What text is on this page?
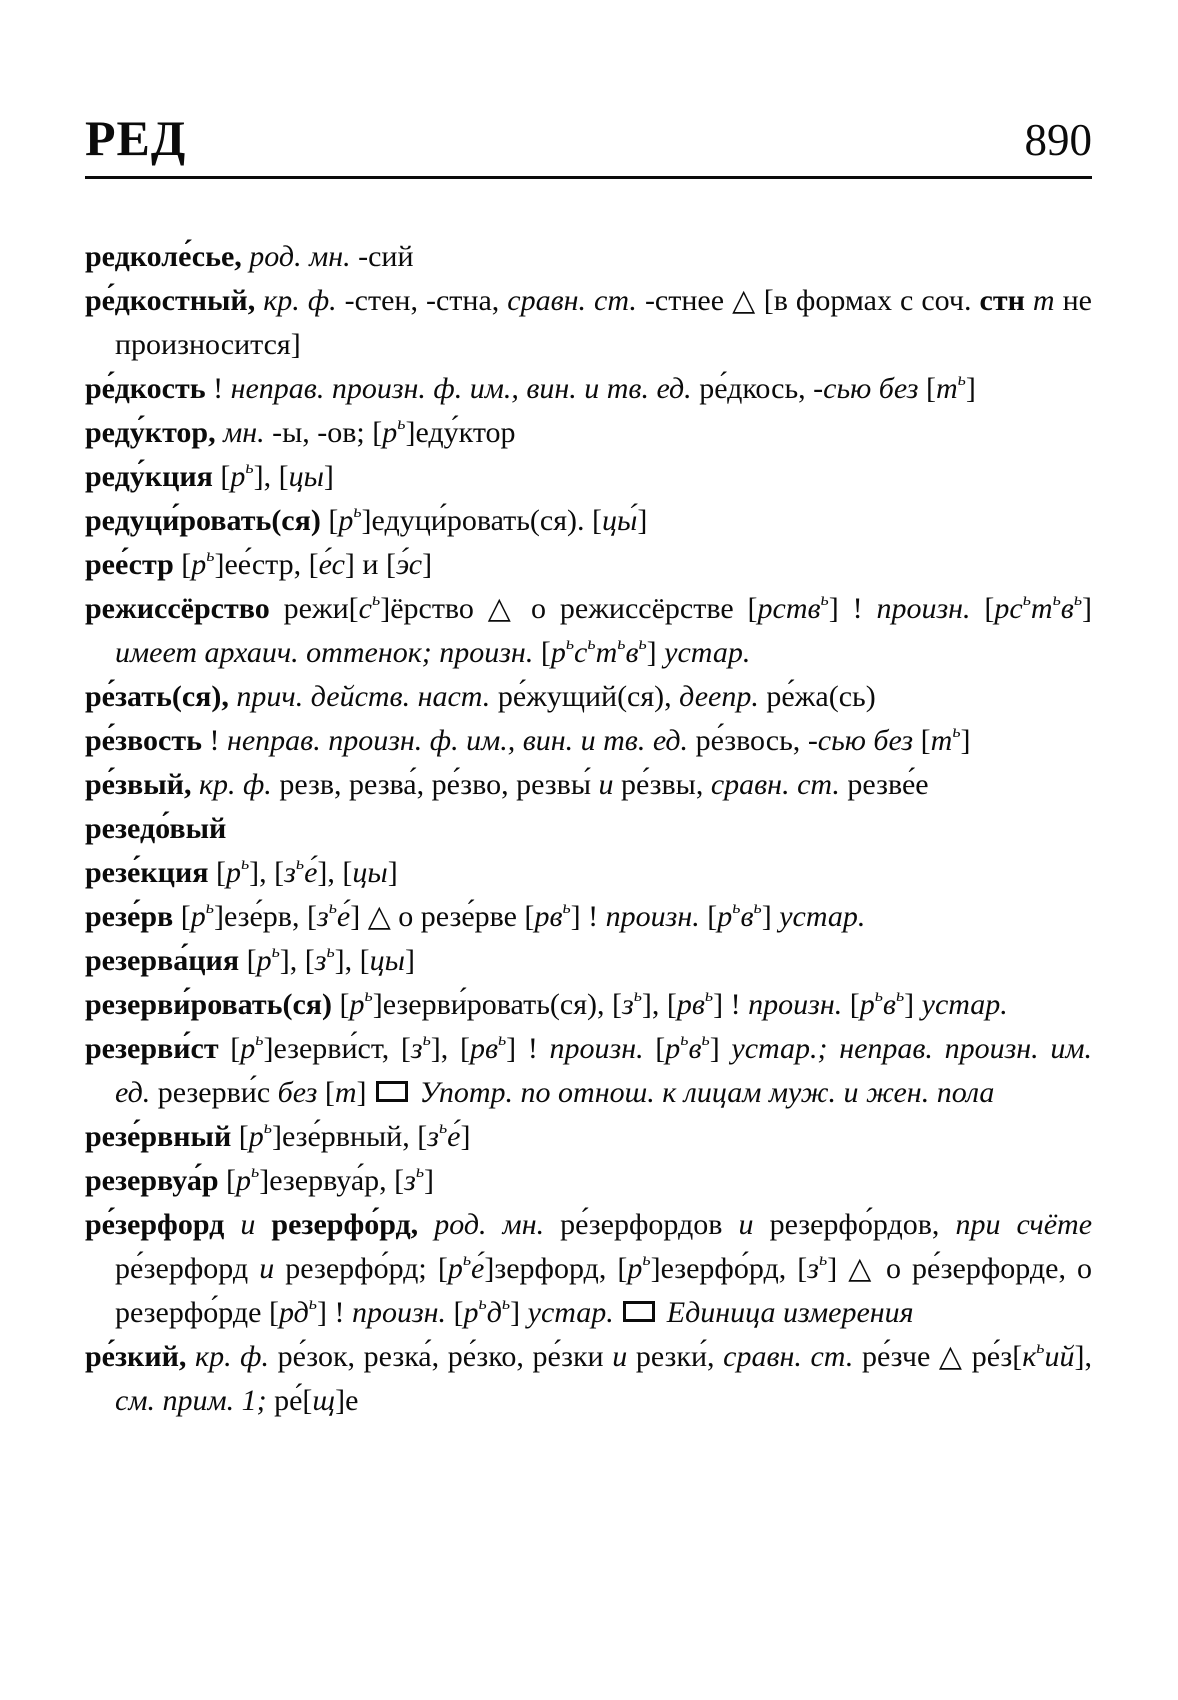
РЕД	890

редколе́сье, род. мн. -сий

ре́дкостный, кр. ф. -стен, -стна, сравн. ст. -стнее △ [в формах с соч. стн т не произносится]

ре́дкость ! неправ. произн. ф. им., вин. и тв. ед. ре́дкось, -сью без $[т^ь]$

реду́ктор, мн. -ы, -ов; $[р^ь]еду́ктор$

реду́кция $[р^ь]$, [цы]

редуци́ровать(ся) $[р^ь]едуци́ровать(ся)$. [цы́]

рее́стр $[р^ь]ее́стр$, [е́с] и [э́с]

режиссёрство $режи[с^ь]ёрство$ △ о режиссёрстве [рств$^ь$] ! произн. $[рс^ьт^ьв^ь]$ имеет архаич. оттенок; произн. $[р^ьс^ьт^ьв^ь]$ устар.

ре́зать(ся), прич. действ. наст. ре́жущий(ся), деепр. ре́жа(сь)

ре́звость ! неправ. произн. ф. им., вин. и тв. ед. ре́звось, -сью без $[т^ь]$

ре́звый, кр. ф. резв, резва́, ре́зво, резвы́ и ре́звы, сравн. ст. резве́е

резедо́вый

резе́кция $[р^ь]$, $[з^ье́]$, [цы]

резе́рв $[р^ь]езе́рв$, $[з^ье́]$ △ о резе́рве $[рв^ь]$ ! произн. $[р^ьв^ь]$ устар.

резерва́ция $[р^ь]$, $[з^ь]$, [цы]

резерви́ровать(ся) $[р^ь]езерви́ровать(ся)$, $[з^ь]$, $[рв^ь]$ ! произн. $[р^ьв^ь]$ устар.

резерви́ст $[р^ь]езерви́ст$, $[з^ь]$, $[рв^ь]$ ! произн. $[р^ьв^ь]$ устар.; неправ. произн. им. ед. резерви́с без [т]  Употр. по отнош. к лицам муж. и жен. пола

резе́рвный $[р^ь]езе́рвный$, $[з^ье́]$

резервуа́р $[р^ь]езервуа́р$, $[з^ь]$

ре́зерфорд и резерфо́рд, род. мн. ре́зерфордов и резерфо́рдов, при счёте ре́зерфорд и резерфо́рд; $[р^ье́]зерфорд$, $[р^ь]езерфо́рд$, $[з^ь]$ △ о ре́зерфорде, о резерфо́рде $[рд^ь]$ ! произн. $[р^ьд^ь]$ устар.  Единица измерения

ре́зкий, кр. ф. ре́зок, резка́, ре́зко, ре́зки и резки́, сравн. ст. ре́зче △ $ре́з[к^ьий]$, см. прим. 1; ре́[щ]е
